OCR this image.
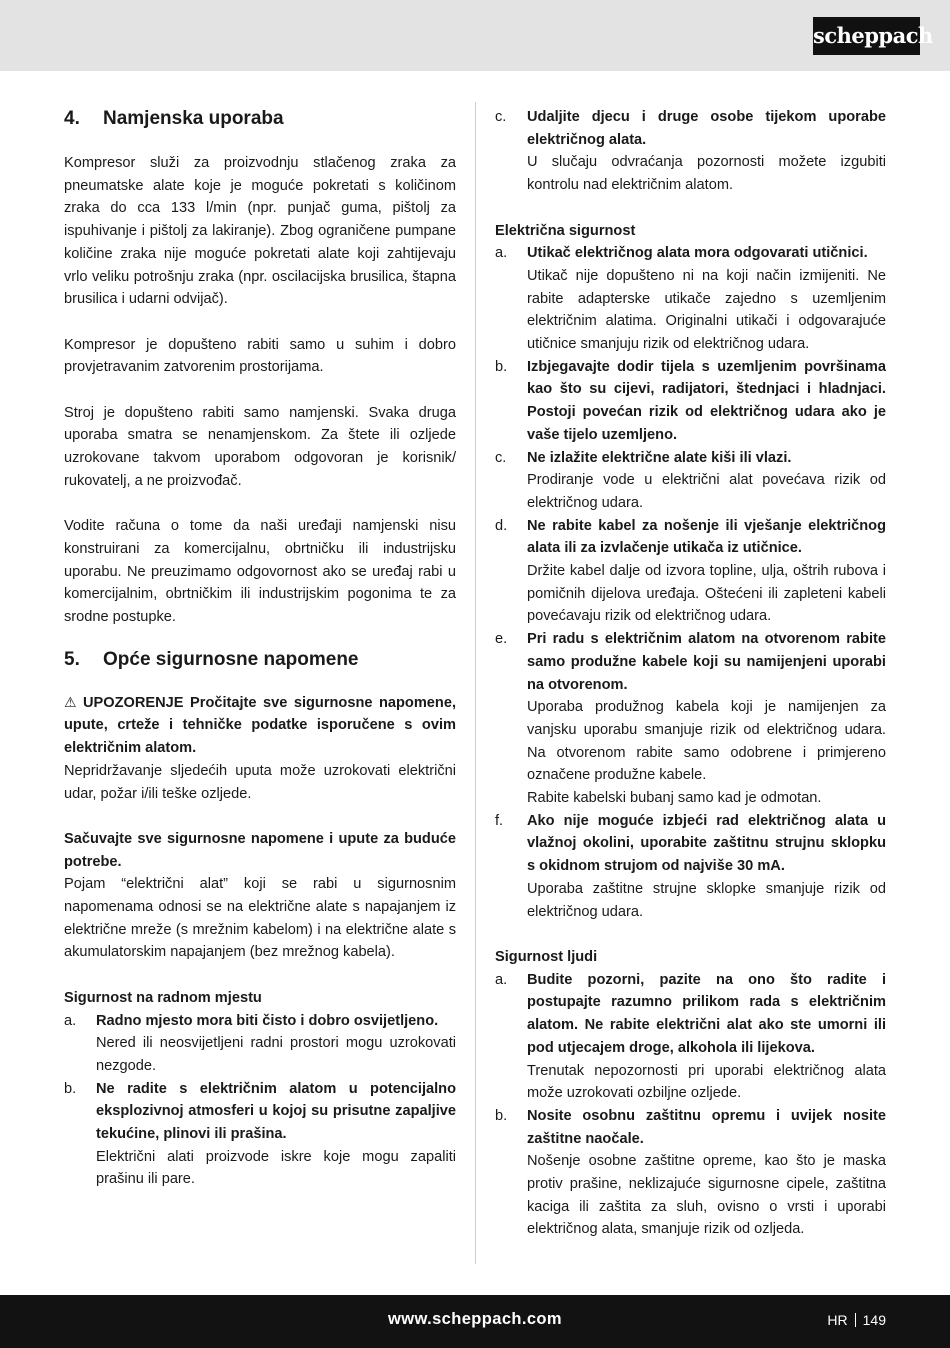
scheppach
4. Namjenska uporaba

Kompresor služi za proizvodnju stlačenog zraka za pneumatske alate koje je moguće pokretati s količinom zraka do cca 133 l/min (npr. punjač guma, pištolj za ispuhivanje i pištolj za lakiranje). Zbog ograničene pumpane količine zraka nije moguće pokretati alate koji zahtijevaju vrlo veliku potrošnju zraka (npr. oscilacijska brusilica, štapna brusilica i udarni odvijač).

Kompresor je dopušteno rabiti samo u suhim i dobro provjetravanim zatvorenim prostorijama.

Stroj je dopušteno rabiti samo namjenski. Svaka druga uporaba smatra se nenamjenskom. Za štete ili ozljede uzrokovane takvom uporabom odgovoran je korisnik/ rukovatelj, a ne proizvođač.

Vodite računa o tome da naši uređaji namjenski nisu konstruirani za komercijalnu, obrtničku ili industrijsku uporabu. Ne preuzimamo odgovornost ako se uređaj rabi u komercijalnim, obrtničkim ili industrijskim pogonima te za srodne postupke.

5. Opće sigurnosne napomene

⚠ UPOZORENJE Pročitajte sve sigurnosne napomene, upute, crteže i tehničke podatke isporučene s ovim električnim alatom.

Nepridržavanje sljedećih uputa može uzrokovati električni udar, požar i/ili teške ozljede.

Sačuvajte sve sigurnosne napomene i upute za buduće potrebe.

Pojam “električni alat” koji se rabi u sigurnosnim napomenama odnosi se na električne alate s napajanjem iz električne mreže (s mrežnim kabelom) i na električne alate s akumulatorskim napajanjem (bez mrežnog kabela).

Sigurnost na radnom mjestu

a.	Radno mjesto mora biti čisto i dobro osvijetljeno.

Nered ili neosvijetljeni radni prostori mogu uzrokovati nezgode.

b.	Ne radite s električnim alatom u potencijalno eksplozivnoj atmosferi u kojoj su prisutne zapaljive tekućine, plinovi ili prašina.

Električni alati proizvode iskre koje mogu zapaliti prašinu ili pare.

c.	Udaljite djecu i druge osobe tijekom uporabe električnog alata.

U slučaju odvraćanja pozornosti možete izgubiti kontrolu nad električnim alatom.

Električna sigurnost

a.	Utikač električnog alata mora odgovarati utičnici.

Utikač nije dopušteno ni na koji način izmijeniti. Ne rabite adapterske utikače zajedno s uzemljenim električnim alatima. Originalni utikači i odgovarajuće utičnice smanjuju rizik od električnog udara.

b.	Izbjegavajte dodir tijela s uzemljenim površinama kao što su cijevi, radijatori, štednjaci i hladnjaci. Postoji povećan rizik od električnog udara ako je vaše tijelo uzemljeno.

c.	Ne izlažite električne alate kiši ili vlazi.

Prodiranje vode u električni alat povećava rizik od električnog udara.

d.	Ne rabite kabel za nošenje ili vješanje električnog alata ili za izvlačenje utikača iz utičnice.

Držite kabel dalje od izvora topline, ulja, oštrih rubova i pomičnih dijelova uređaja. Oštećeni ili zapleteni kabeli povećavaju rizik od električnog udara.

e.	Pri radu s električnim alatom na otvorenom rabite samo produžne kabele koji su namijenjeni uporabi na otvorenom.

Uporaba produžnog kabela koji je namijenjen za vanjsku uporabu smanjuje rizik od električnog udara. Na otvorenom rabite samo odobrene i primjereno označene produžne kabele.

Rabite kabelski bubanj samo kad je odmotan.

f.	Ako nije moguće izbjeći rad električnog alata u vlažnoj okolini, uporabite zaštitnu strujnu sklopku s okidnom strujom od najviše 30 mA.

Uporaba zaštitne strujne sklopke smanjuje rizik od električnog udara.

Sigurnost ljudi

a.	Budite pozorni, pazite na ono što radite i postupajte razumno prilikom rada s električnim alatom. Ne rabite električni alat ako ste umorni ili pod utjecajem droge, alkohola ili lijekova.

Trenutak nepozornosti pri uporabi električnog alata može uzrokovati ozbiljne ozljede.

b.	Nosite osobnu zaštitnu opremu i uvijek nosite zaštitne naočale.

Nošenje osobne zaštitne opreme, kao što je maska protiv prašine, neklizajuće sigurnosne cipele, zaštitna kaciga ili zaštita za sluh, ovisno o vrsti i uporabi električnog alata, smanjuje rizik od ozljeda.

www.scheppach.com	HR 149
